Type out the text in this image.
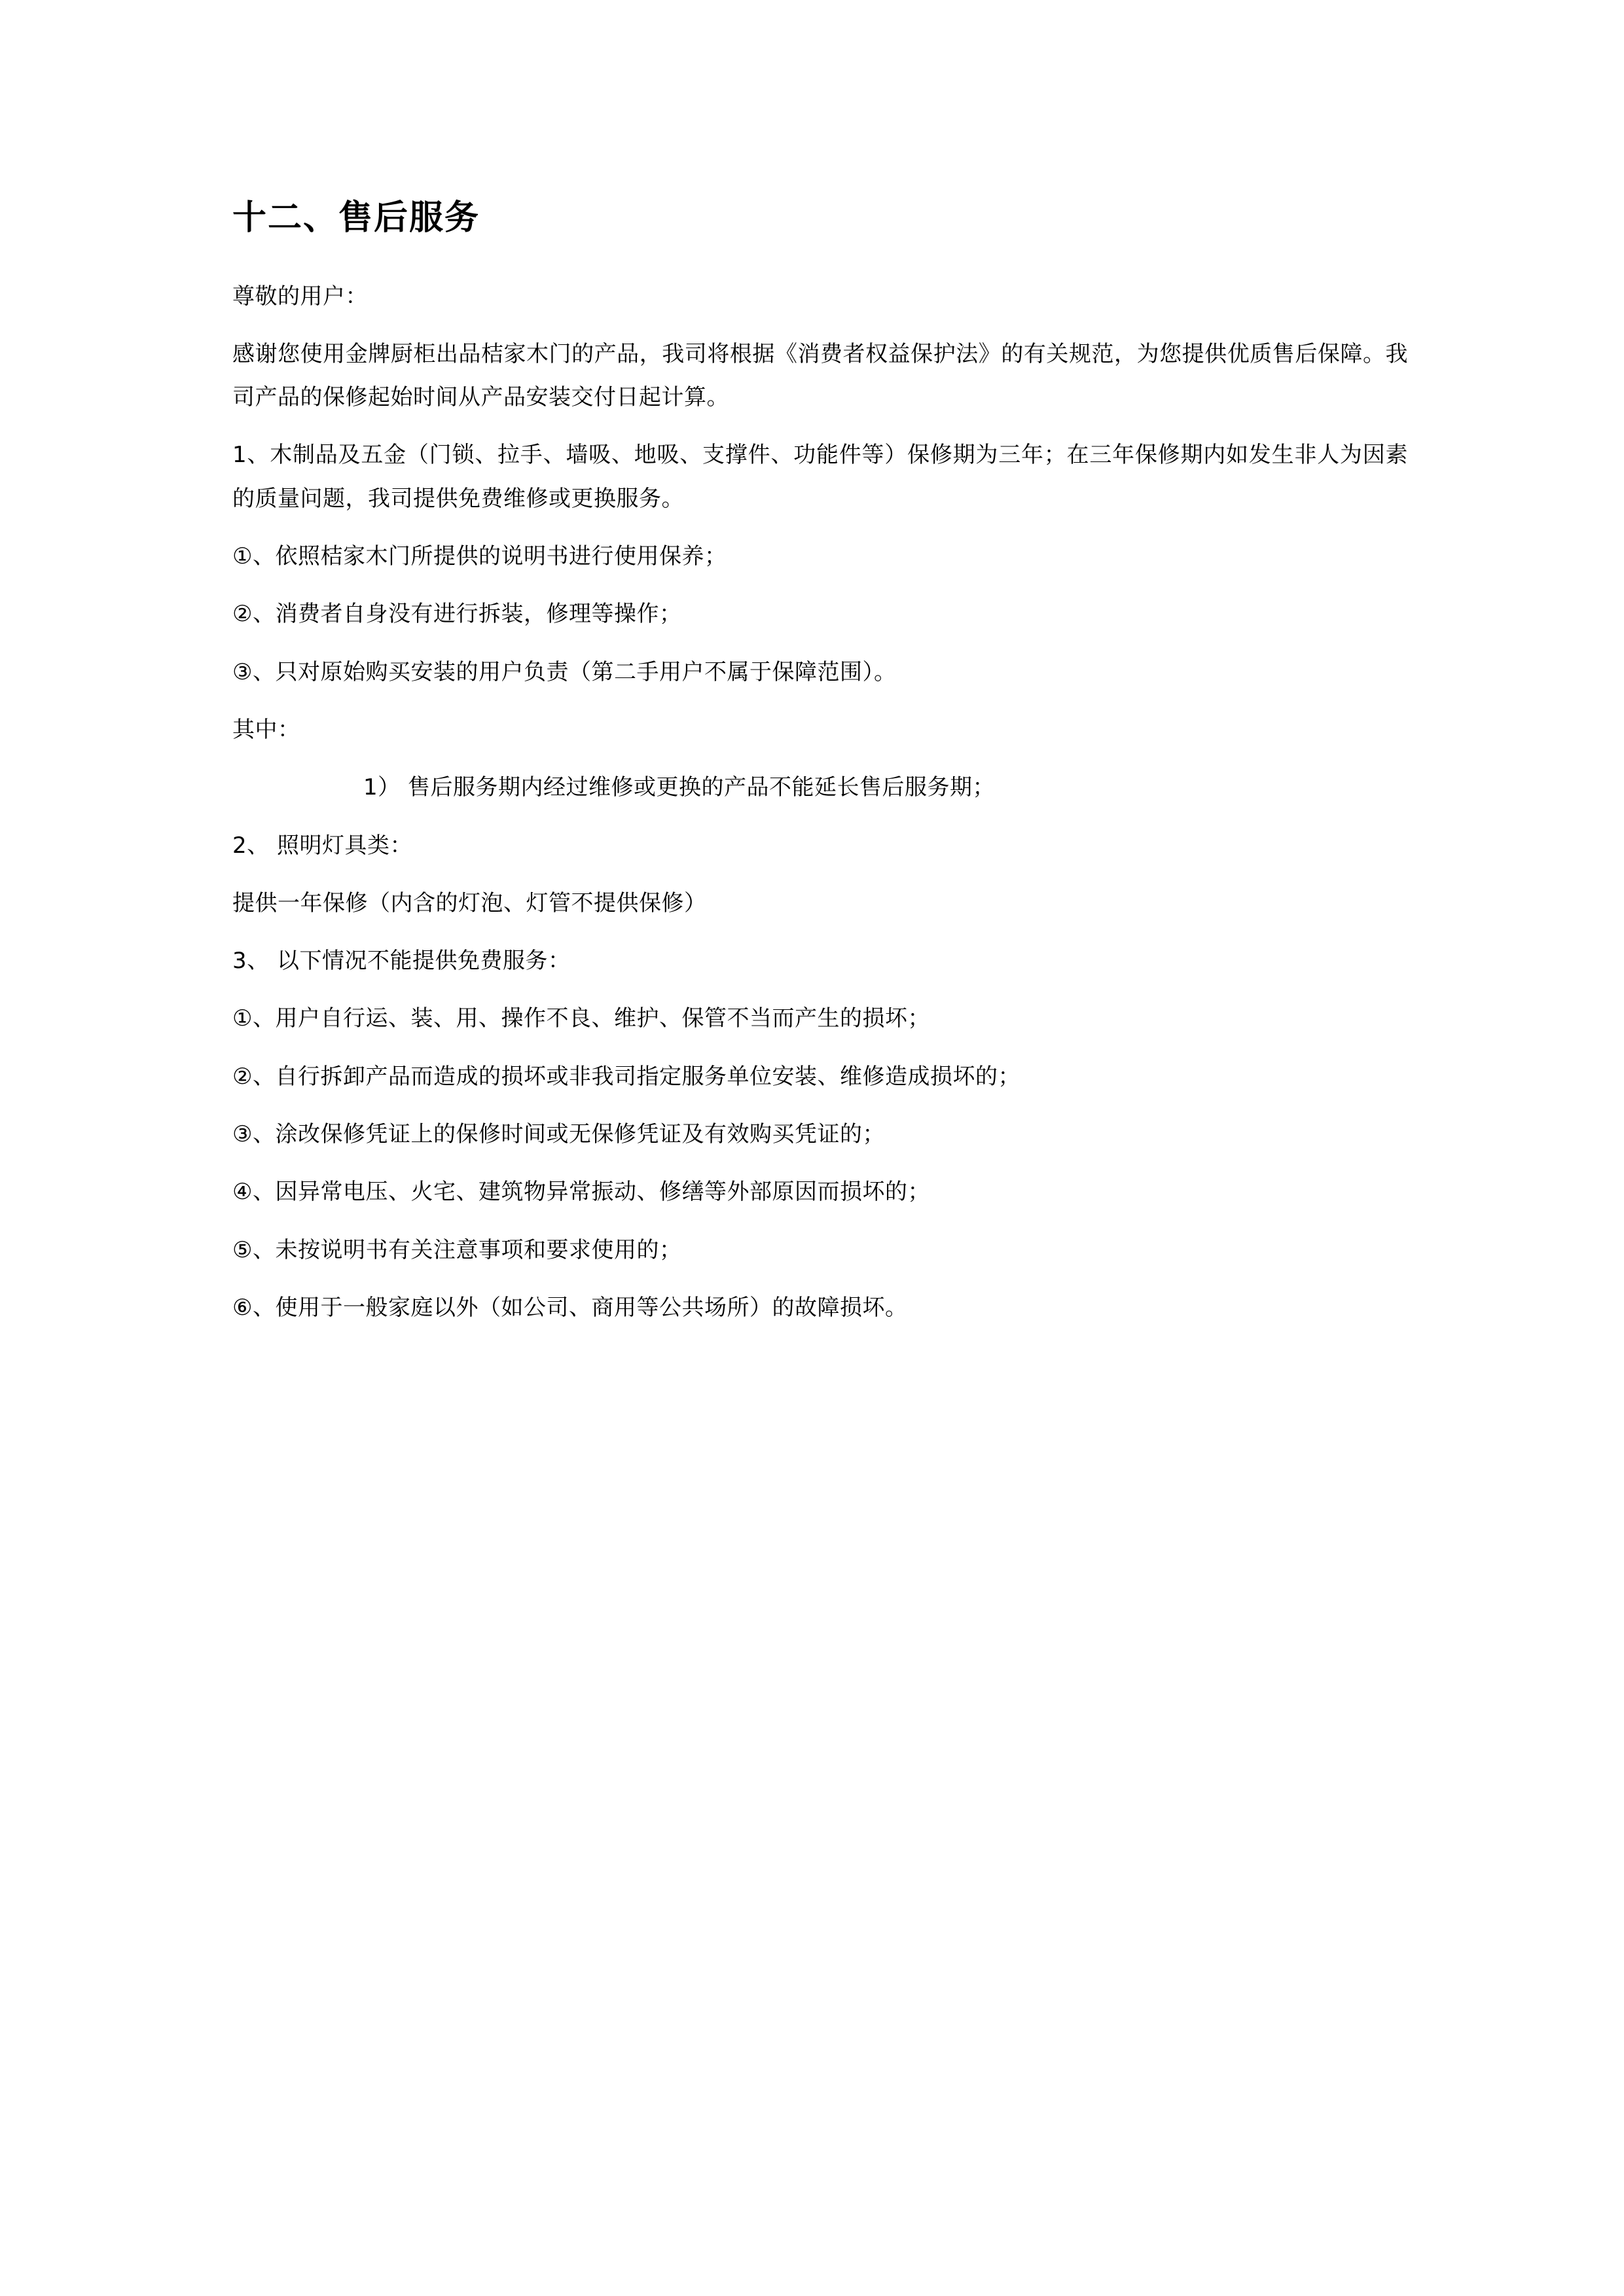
十二、售后服务

尊敬的用户：

感谢您使用金牌厨柜出品桔家木门的产品，我司将根据《消费者权益保护法》的有关规范，为您提供优质售后保障。我司产品的保修起始时间从产品安装交付日起计算。

1、木制品及五金（门锁、拉手、墙吸、地吸、支撑件、功能件等）保修期为三年；在三年保修期内如发生非人为因素的质量问题，我司提供免费维修或更换服务。

①、依照桔家木门所提供的说明书进行使用保养；

②、消费者自身没有进行拆装，修理等操作；

③、只对原始购买安装的用户负责（第二手用户不属于保障范围）。

其中：

1） 售后服务期内经过维修或更换的产品不能延长售后服务期；

2、 照明灯具类：

提供一年保修（内含的灯泡、灯管不提供保修）

3、 以下情况不能提供免费服务：

①、用户自行运、装、用、操作不良、维护、保管不当而产生的损坏；

②、自行拆卸产品而造成的损坏或非我司指定服务单位安装、维修造成损坏的；

③、涂改保修凭证上的保修时间或无保修凭证及有效购买凭证的；

④、因异常电压、火宅、建筑物异常振动、修缮等外部原因而损坏的；

⑤、未按说明书有关注意事项和要求使用的；

⑥、使用于一般家庭以外（如公司、商用等公共场所）的故障损坏。
